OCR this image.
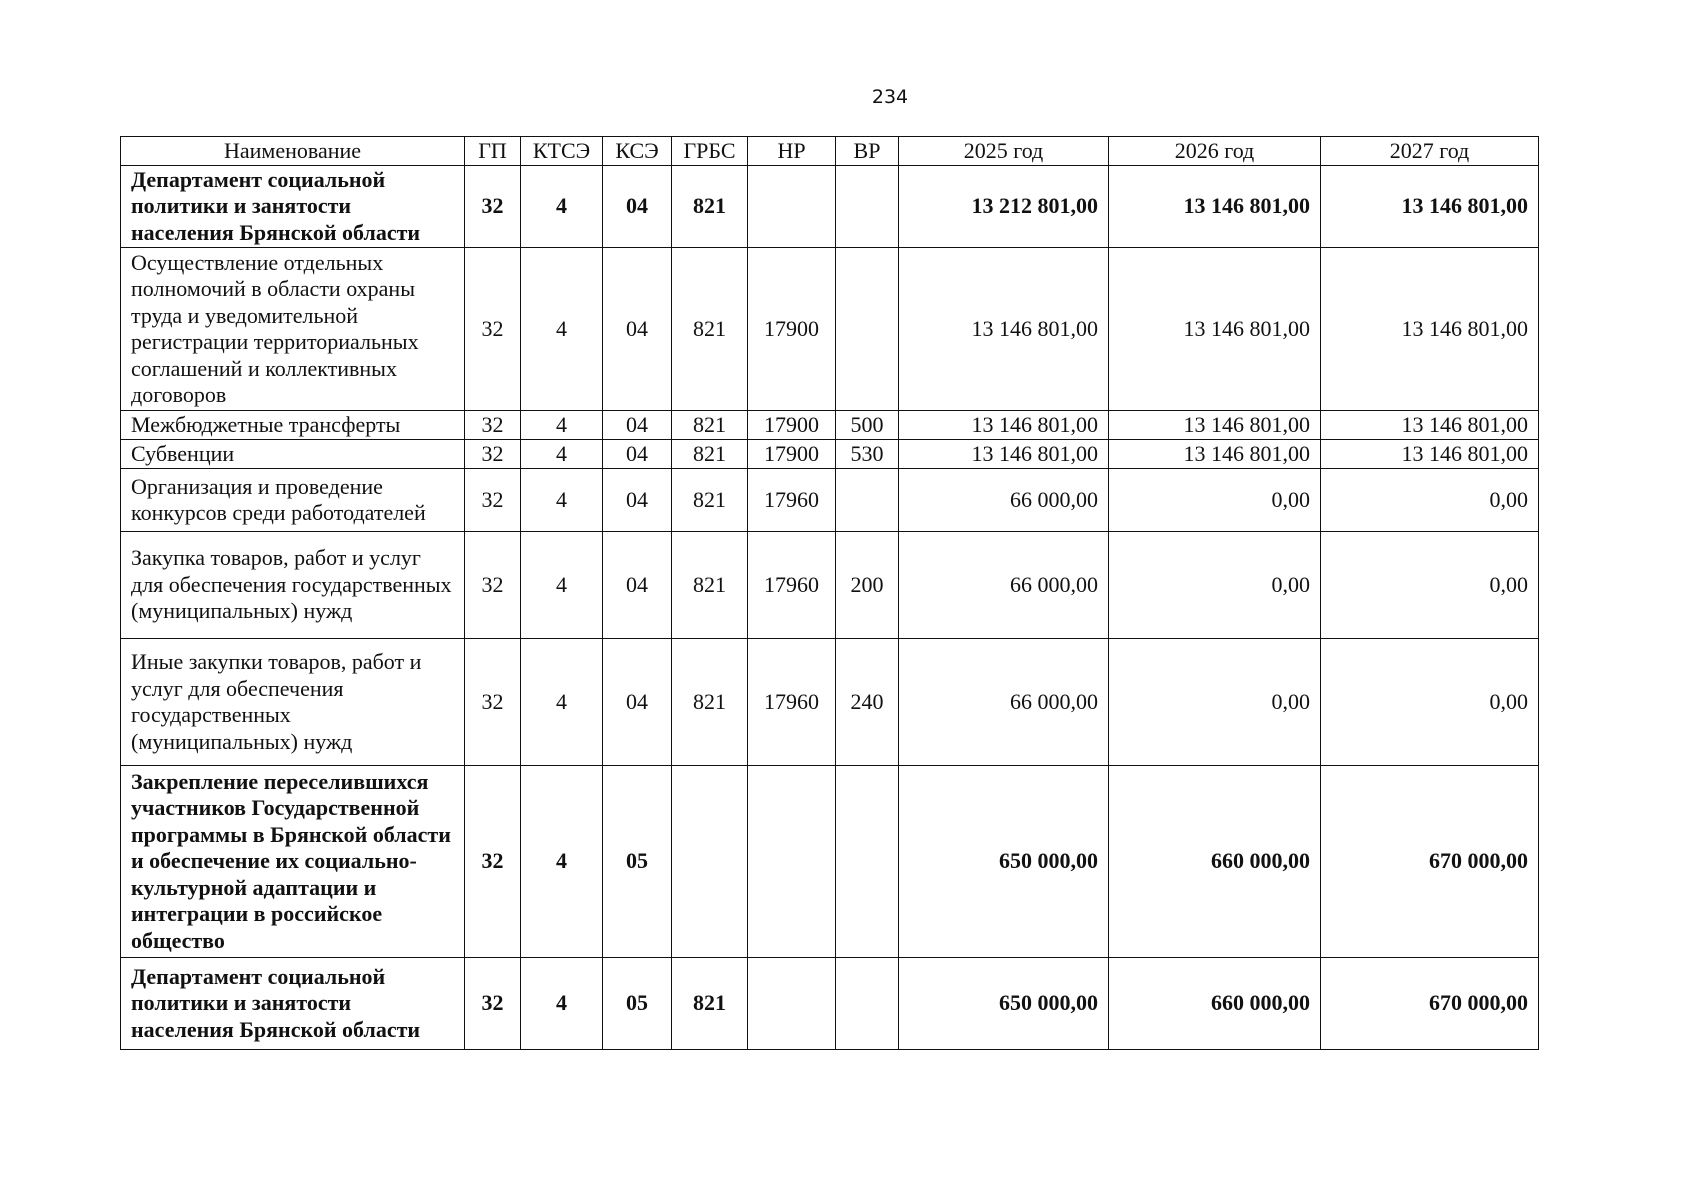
234
Наименование	ГП	КТСЭ	КСЭ	ГРБС	НР	ВР	2025 год	2026 год	2027 год
Департамент социальной политики и занятости населения Брянской области	32	4	04	821			13 212 801,00	13 146 801,00	13 146 801,00
Осуществление отдельных полномочий в области охраны труда и уведомительной регистрации территориальных соглашений и коллективных договоров	32	4	04	821	17900		13 146 801,00	13 146 801,00	13 146 801,00
Межбюджетные трансферты	32	4	04	821	17900	500	13 146 801,00	13 146 801,00	13 146 801,00
Субвенции	32	4	04	821	17900	530	13 146 801,00	13 146 801,00	13 146 801,00
Организация и проведение конкурсов среди работодателей	32	4	04	821	17960		66 000,00	0,00	0,00
Закупка товаров, работ и услуг для обеспечения государственных (муниципальных) нужд	32	4	04	821	17960	200	66 000,00	0,00	0,00
Иные закупки товаров, работ и услуг для обеспечения государственных (муниципальных) нужд	32	4	04	821	17960	240	66 000,00	0,00	0,00
Закрепление переселившихся участников Государственной программы в Брянской области и обеспечение их социально-культурной адаптации и интеграции в российское общество	32	4	05				650 000,00	660 000,00	670 000,00
Департамент социальной политики и занятости населения Брянской области	32	4	05	821			650 000,00	660 000,00	670 000,00
